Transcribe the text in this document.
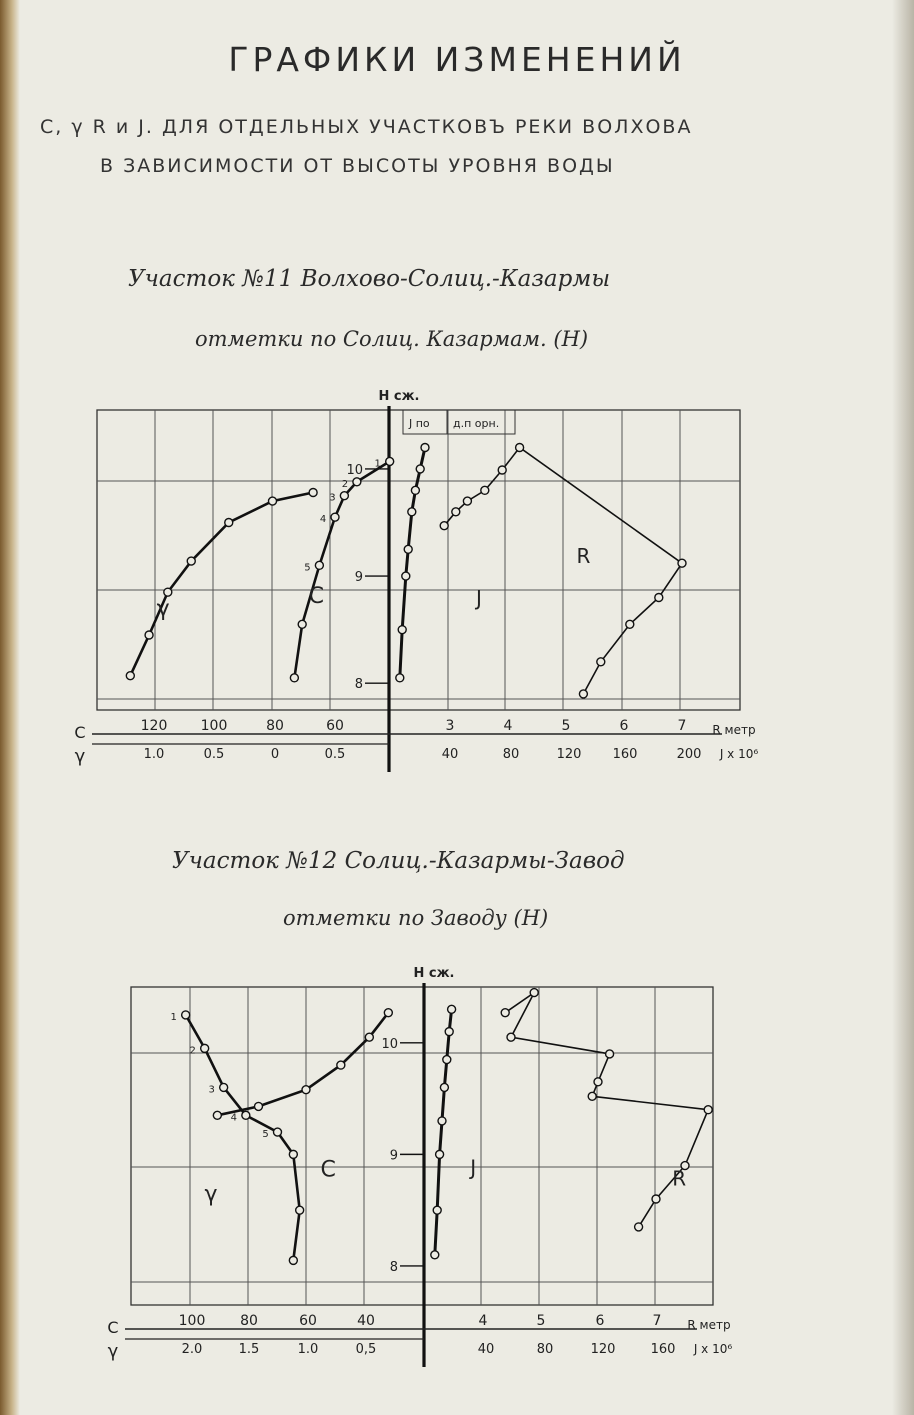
ГРАФИКИ ИЗМЕНЕНИЙ
C, γ R и J. ДЛЯ ОТДЕЛЬНЫХ УЧАСТКОВЪ РЕКИ ВОЛХОВА
В ЗАВИСИМОСТИ ОТ ВЫСОТЫ УРОВНЯ ВОДЫ
Участок №11 Волхово-Солиц.-Казармы
отметки по Солиц. Казармам. (Н)
Н сж.
10
9
8
J по д.п орн.
C	120 100	80	60
γ	1.0	0.5	0	0.5
3	4	5	6	7 R метр
40	80	120 160	200 J x 10⁶
C
γ	J
R
1
2
3
4
5
Участок №12 Солиц.-Казармы-Завод
отметки по Заводу (Н)
Н сж.
10
9
8
C	100 80	60	40
γ	2.0	1.5	1.0	0,5
4	5	6	7 R метр
40	80	120	160 J x 10⁶
C
γ
J	R
1
2
3
4
5
